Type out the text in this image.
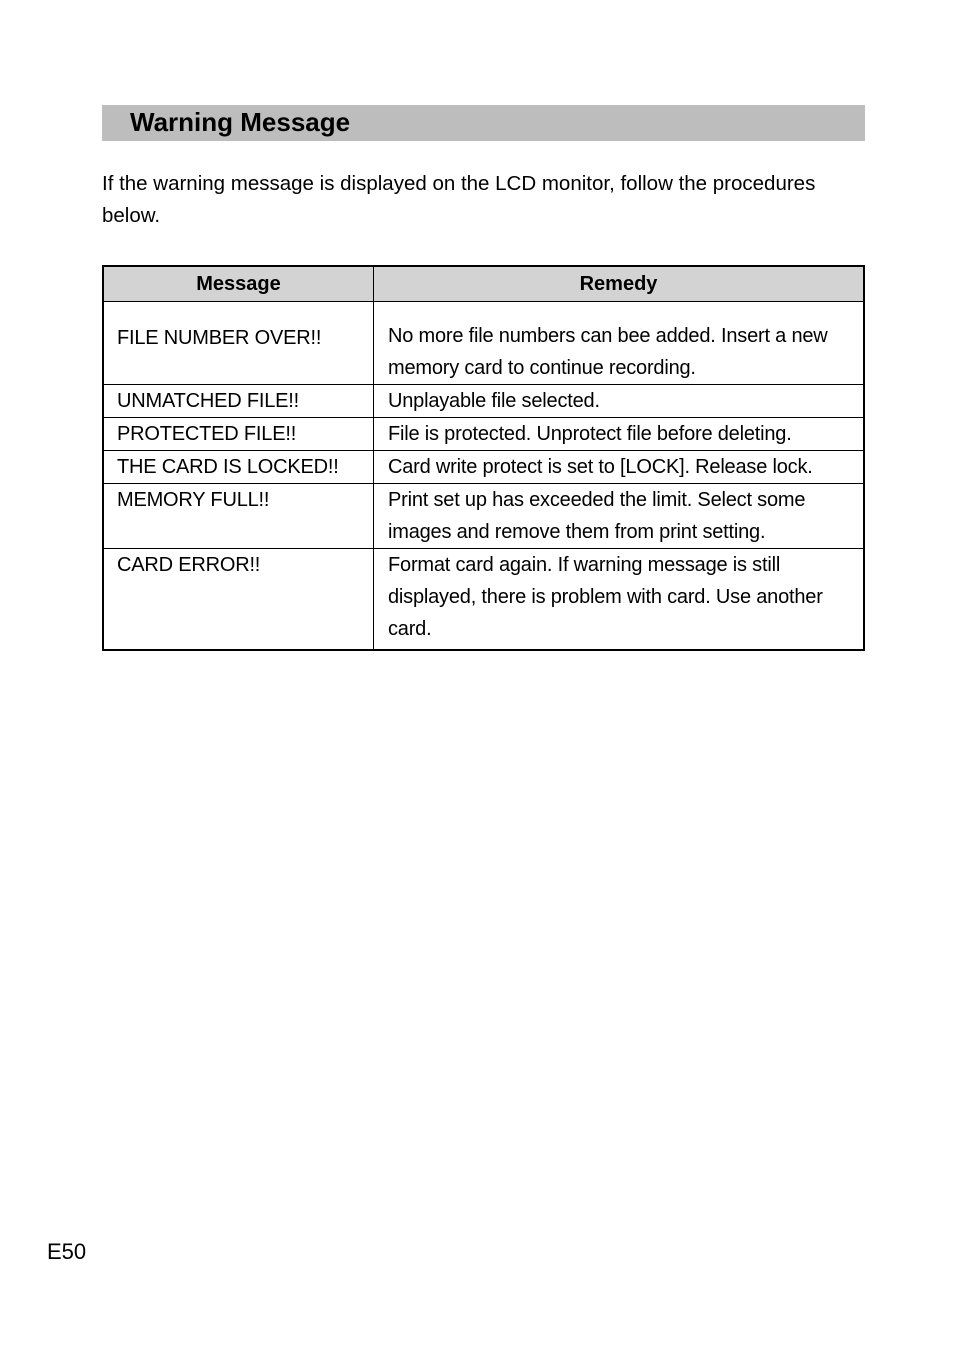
Warning Message

If the warning message is displayed on the LCD monitor, follow the procedures below.

Message	Remedy
FILE NUMBER OVER!!	No more file numbers can bee added. Insert a new memory card to continue recording.
UNMATCHED FILE!!	Unplayable file selected.
PROTECTED FILE!!	File is protected. Unprotect file before deleting.
THE CARD IS LOCKED!!	Card write protect is set to [LOCK]. Release lock.
MEMORY FULL!!	Print set up has exceeded the limit. Select some images and remove them from print setting.
CARD ERROR!!	Format card again. If warning message is still displayed, there is problem with card. Use another card.
E50
